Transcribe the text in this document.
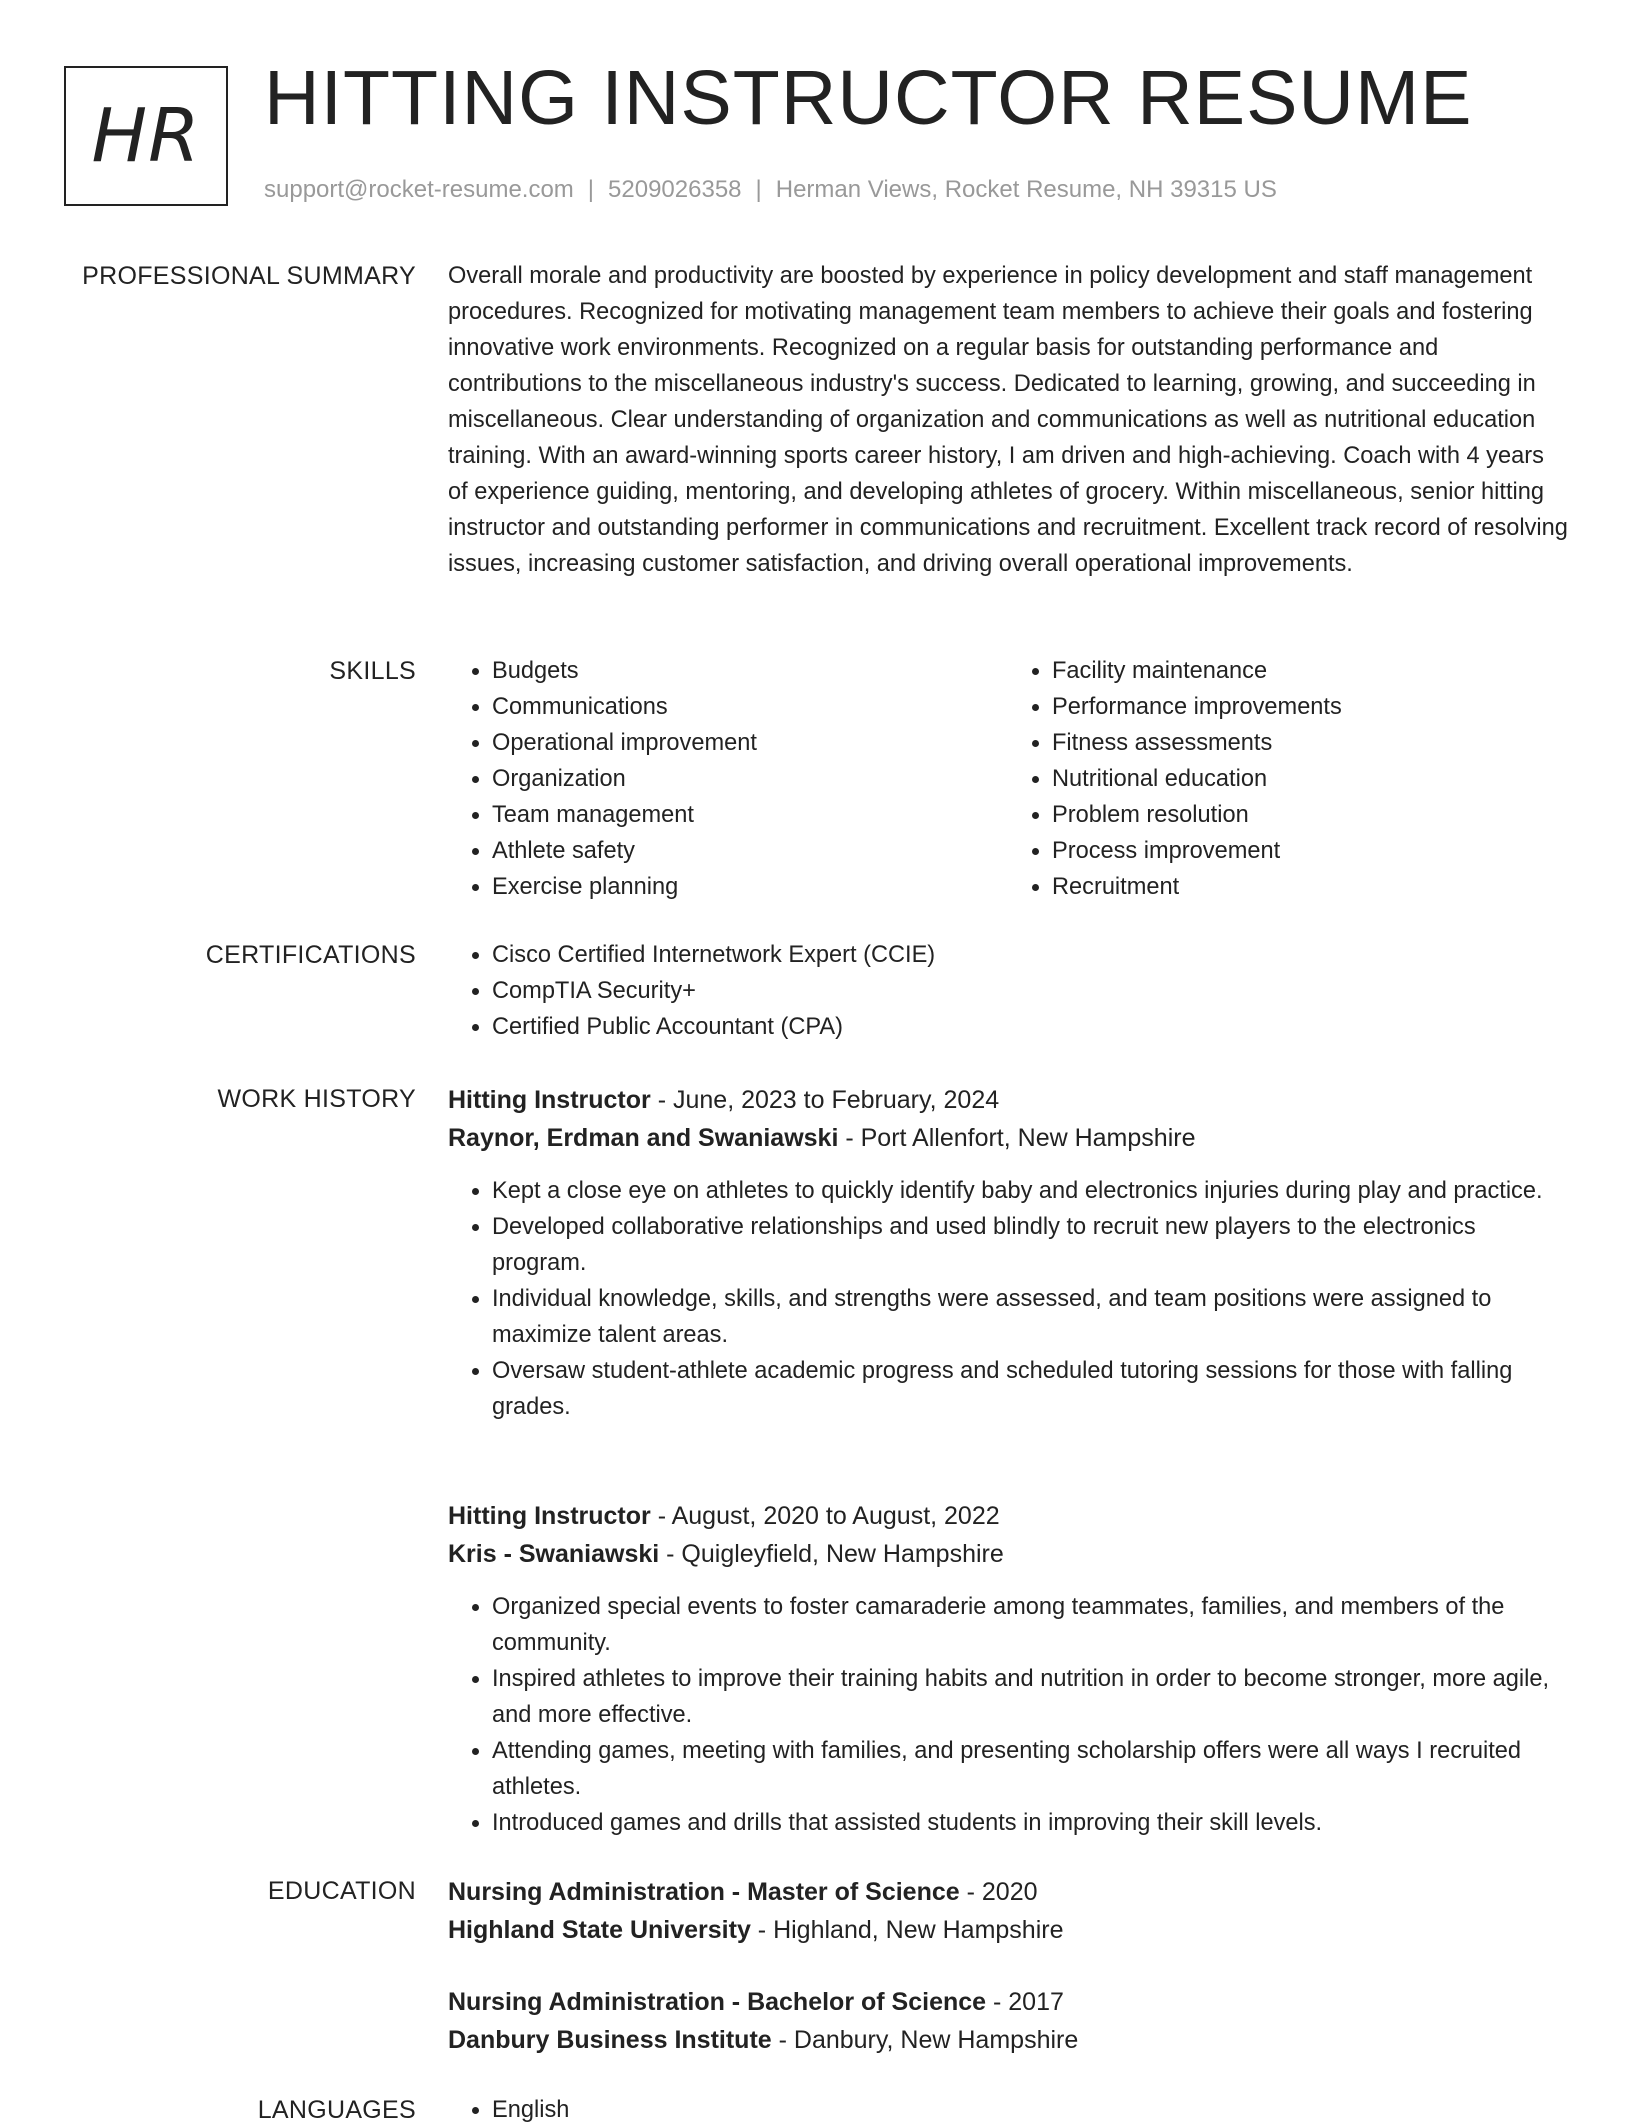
HR HITTING INSTRUCTOR RESUME
support@rocket-resume.com | 5209026358 | Herman Views, Rocket Resume, NH 39315 US
PROFESSIONAL SUMMARY Overall morale and productivity are boosted by experience in policy development and staff management procedures. Recognized for motivating management team members to achieve their goals and fostering innovative work environments. Recognized on a regular basis for outstanding performance and contributions to the miscellaneous industry's success. Dedicated to learning, growing, and succeeding in miscellaneous. Clear understanding of organization and communications as well as nutritional education training. With an award-winning sports career history, I am driven and high-achieving. Coach with 4 years of experience guiding, mentoring, and developing athletes of grocery. Within miscellaneous, senior hitting instructor and outstanding performer in communications and recruitment. Excellent track record of resolving issues, increasing customer satisfaction, and driving overall operational improvements.

SKILLS	• Budgets
• Communications
• Operational improvement
• Organization
• Team management
• Athlete safety
• Exercise planning
• Facility maintenance
• Performance improvements
• Fitness assessments
• Nutritional education
• Problem resolution
• Process improvement
• Recruitment
CERTIFICATIONS	• Cisco Certified Internetwork Expert (CCIE)
• CompTIA Security+
• Certified Public Accountant (CPA)
WORK HISTORY Hitting Instructor - June, 2023 to February, 2024
Raynor, Erdman and Swaniawski - Port Allenfort, New Hampshire
• Kept a close eye on athletes to quickly identify baby and electronics injuries during play and practice.
• Developed collaborative relationships and used blindly to recruit new players to the electronics program.
• Individual knowledge, skills, and strengths were assessed, and team positions were assigned to maximize talent areas.
• Oversaw student-athlete academic progress and scheduled tutoring sessions for those with falling grades.
Hitting Instructor - August, 2020 to August, 2022
Kris - Swaniawski - Quigleyfield, New Hampshire
• Organized special events to foster camaraderie among teammates, families, and members of the community.
• Inspired athletes to improve their training habits and nutrition in order to become stronger, more agile, and more effective.
• Attending games, meeting with families, and presenting scholarship offers were all ways I recruited athletes.
• Introduced games and drills that assisted students in improving their skill levels.
EDUCATION Nursing Administration - Master of Science - 2020
Highland State University - Highland, New Hampshire
Nursing Administration - Bachelor of Science - 2017
Danbury Business Institute - Danbury, New Hampshire
LANGUAGES	• English
